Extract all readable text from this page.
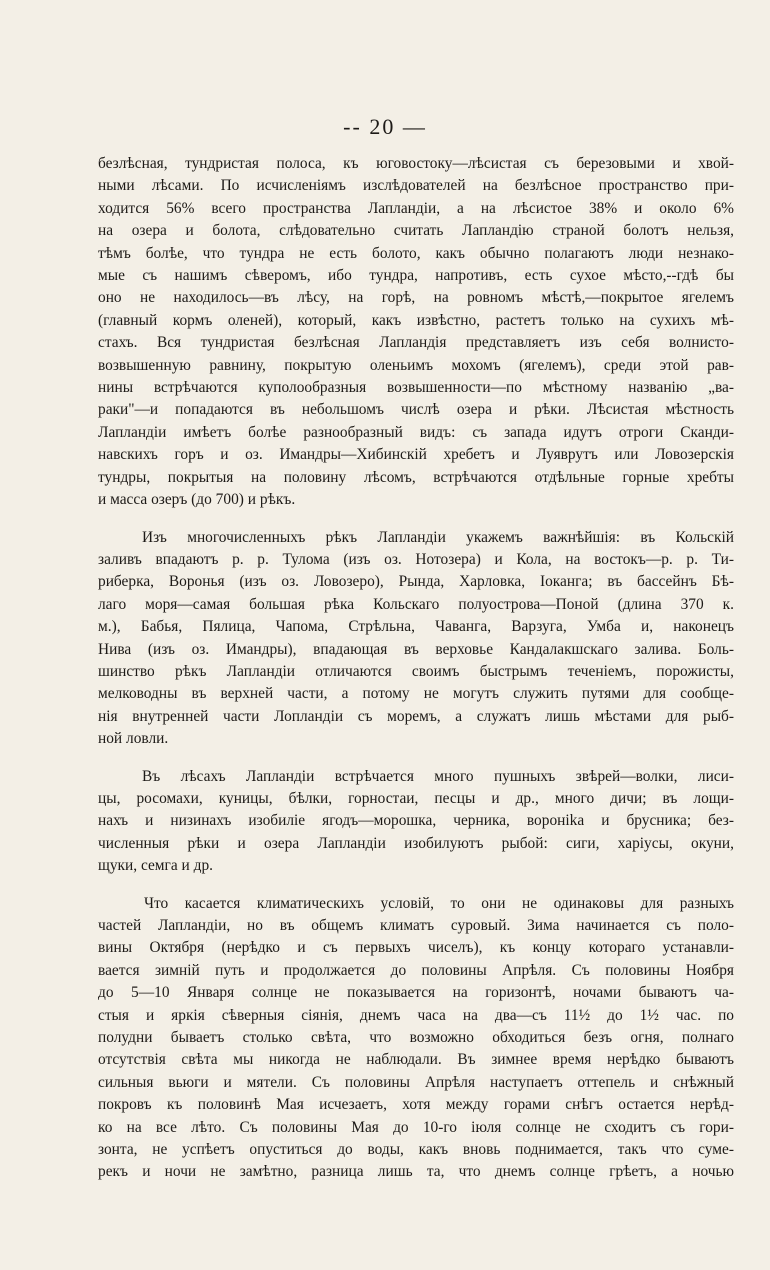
-- 20 —
безлѣсная, тундристая полоса, къ юговостоку—лѣсистая съ березовыми и хвой-
ными лѣсами. По исчисленіямъ изслѣдователей на безлѣсное пространство при-
ходится 56% всего пространства Лапландіи, а на лѣсистое 38% и около 6%
на озера и болота, слѣдовательно считать Лапландію страной болотъ нельзя,
тѣмъ болѣе, что тундра не есть болото, какъ обычно полагаютъ люди незнако-
мые съ нашимъ сѣверомъ, ибо тундра, напротивъ, есть сухое мѣсто,--гдѣ бы
оно не находилось—въ лѣсу, на горѣ, на ровномъ мѣстѣ,—покрытое ягелемъ
(главный кормъ оленей), который, какъ извѣстно, растетъ только на сухихъ мѣ-
стахъ. Вся тундристая безлѣсная Лапландія представляетъ изъ себя волнисто-
возвышенную равнину, покрытую оленьимъ мохомъ (ягелемъ), среди этой рав-
нины встрѣчаются куполообразныя возвышенности—по мѣстному названію „ва-
раки"—и попадаются въ небольшомъ числѣ озера и рѣки. Лѣсистая мѣстность
Лапландіи имѣетъ болѣе разнообразный видъ: съ запада идутъ отроги Сканди-
навскихъ горъ и оз. Имандры—Хибинскій хребетъ и Луяврутъ или Ловозерскія
тундры, покрытыя на половину лѣсомъ, встрѣчаются отдѣльные горные хребты
и масса озеръ (до 700) и рѣкъ.
Изъ многочисленныхъ рѣкъ Лапландіи укажемъ важнѣйшія: въ Кольскій
заливъ впадаютъ р. р. Тулома (изъ оз. Нотозера) и Кола, на востокъ—р. р. Ти-
риберка, Воронья (изъ оз. Ловозеро), Рында, Харловка, Іоканга; въ бассейнъ Бѣ-
лаго моря—самая большая рѣка Кольскаго полуострова—Поной (длина 370 к.
м.), Бабья, Пялица, Чапома, Стрѣльна, Чаванга, Варзуга, Умба и, наконецъ
Нива (изъ оз. Имандры), впадающая въ верховье Кандалакшскаго залива. Боль-
шинство рѣкъ Лапландіи отличаются своимъ быстрымъ теченіемъ, порожисты,
мелководны въ верхней части, а потому не могутъ служить путями для сообще-
нія внутренней части Лопландіи съ моремъ, а служатъ лишь мѣстами для рыб-
ной ловли.
Въ лѣсахъ Лапландіи встрѣчается много пушныхъ звѣрей—волки, лиси-
цы, росомахи, куницы, бѣлки, горностаи, песцы и др., много дичи; въ лощи-
нахъ и низинахъ изобиліе ягодъ—морошка, черника, воронika и брусника; без-
численныя рѣки и озера Лапландіи изобилуютъ рыбой: сиги, харіусы, окуни,
щуки, семга и др.
Что касается климатическихъ условій, то они не одинаковы для разныхъ
частей Лапландіи, но въ общемъ климатъ суровый. Зима начинается съ поло-
вины Октября (нерѣдко и съ первыхъ чиселъ), къ концу котораго устанавли-
вается зимній путь и продолжается до половины Апрѣля. Съ половины Ноября
до 5—10 Января солнце не показывается на горизонтѣ, ночами бываютъ ча-
стыя и яркія сѣверныя сіянія, днемъ часа на два—съ 11½ до 1½ час. по
полудни бываетъ столько свѣта, что возможно обходиться безъ огня, полнаго
отсутствія свѣта мы никогда не наблюдали. Въ зимнее время нерѣдко бываютъ
сильныя вьюги и мятели. Съ половины Апрѣля наступаетъ оттепель и снѣжный
покровъ къ половинѣ Мая исчезаетъ, хотя между горами снѣгъ остается нерѣд-
ко на все лѣто. Съ половины Мая до 10-го іюля солнце не сходитъ съ гори-
зонта, не успѣетъ опуститься до воды, какъ вновь поднимается, такъ что суме-
рекъ и ночи не замѣтно, разница лишь та, что днемъ солнце грѣетъ, а ночью
